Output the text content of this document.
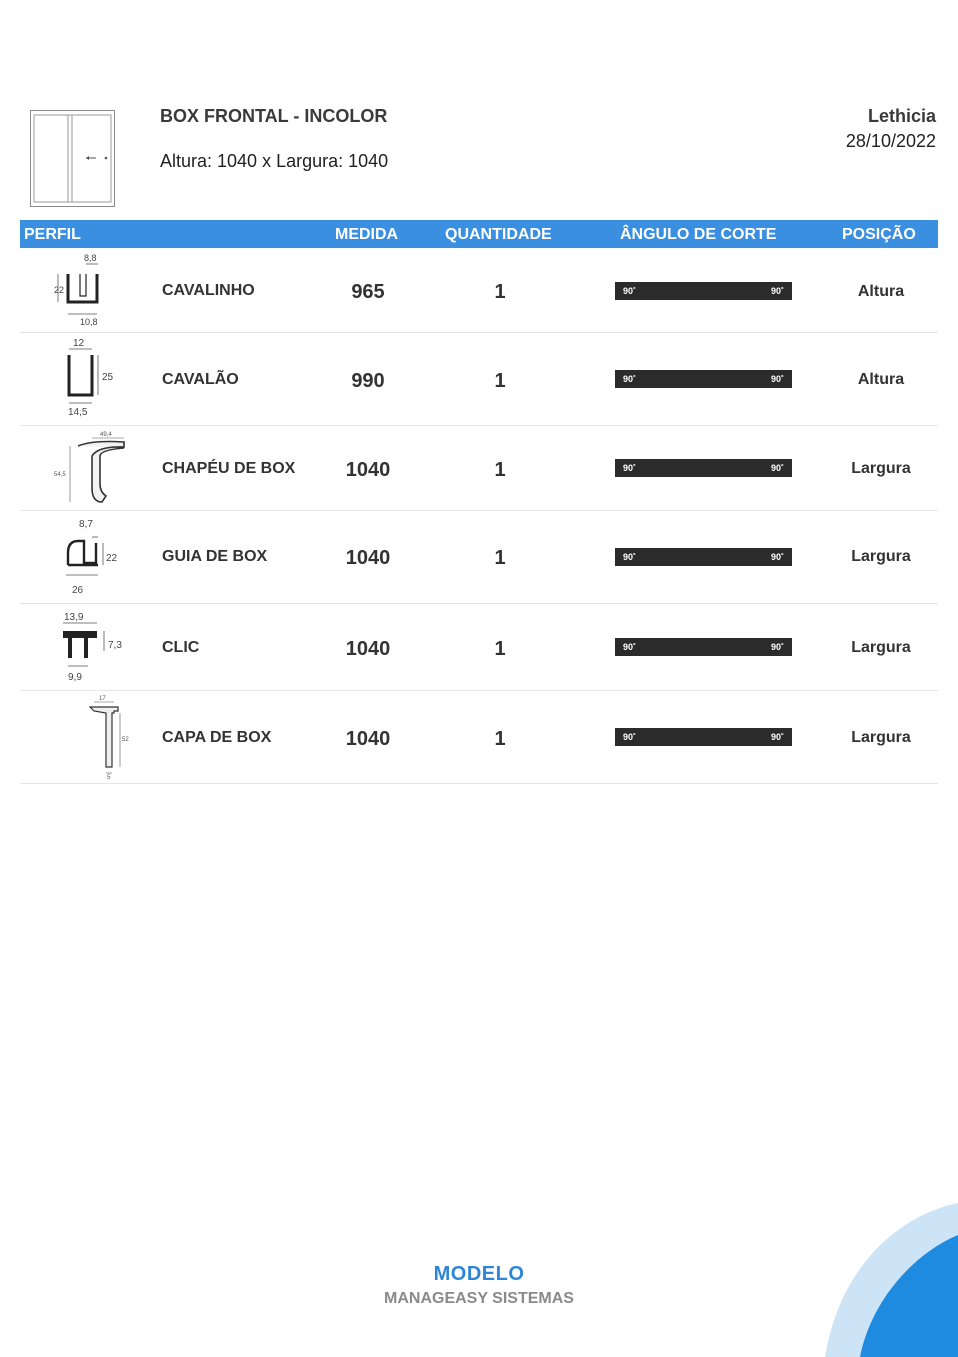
BOX FRONTAL - INCOLOR
Altura: 1040 x Largura: 1040
Lethicia
28/10/2022
PERFIL	MEDIDA	QUANTIDADE	ÂNGULO DE CORTE	POSIÇÃO
8,8
22
10,8
CAVALINHO	965	1	90˚	90˚	Altura
12
25
14,5
CAVALÃO	990	1	90˚	90˚	Altura
49,4
54,5	CHAPÉU DE BOX	1040	1	90˚	90˚	Largura
8,7
22
26
GUIA DE BOX	1040	1	90˚	90˚	Largura
13,9
7,3
9,9
CLIC	1040	1	90˚	90˚	Largura
17
52
5
CAPA DE BOX	1040	1	90˚	90˚	Largura
MODELO
MANAGEASY SISTEMAS
